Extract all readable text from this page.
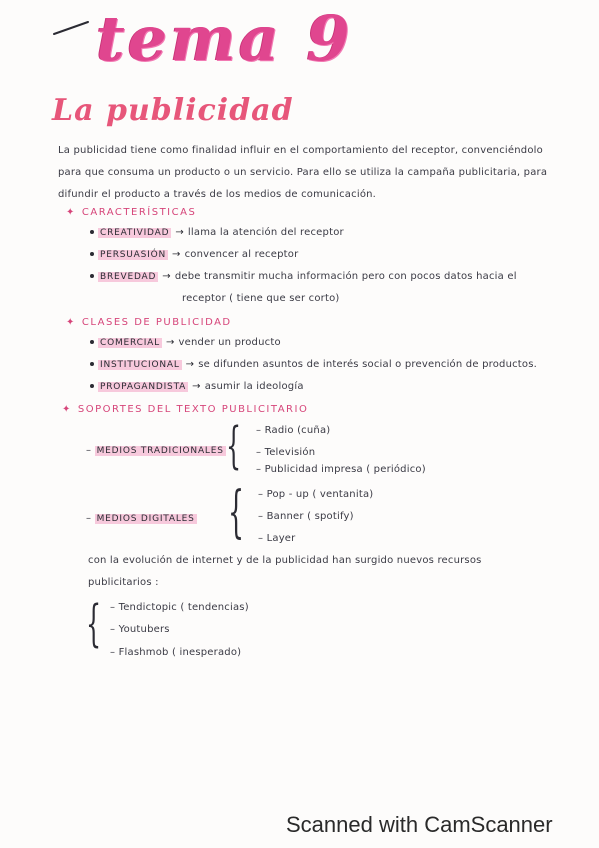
tema 9
La publicidad
La publicidad tiene como finalidad influir en el comportamiento del receptor, convenciéndolo para que consuma un producto o un servicio. Para ello se utiliza la campaña publicitaria, para difundir el producto a través de los medios de comunicación.
✦ CARACTERÍSTICAS
CREATIVIDAD → llama la atención del receptor
PERSUASIÓN → convencer al receptor
BREVEDAD → debe transmitir mucha información pero con pocos datos hacia el
receptor ( tiene que ser corto)
✦ CLASES DE PUBLICIDAD
COMERCIAL → vender un producto
INSTITUCIONAL → se difunden asuntos de interés social o prevención de productos.
PROPAGANDISTA → asumir la ideología
✦ SOPORTES DEL TEXTO PUBLICITARIO
– MEDIOS TRADICIONALES { – Radio (cuña)
– Televisión
– Publicidad impresa ( periódico)
– MEDIOS DIGITALES { – Pop - up ( ventanita)
– Banner ( spotify)
– Layer
con la evolución de internet y de la publicidad han surgido nuevos recursos
publicitarios :
{ – Tendictopic ( tendencias)
– Youtubers
– Flashmob ( inesperado)
Scanned with CamScanner
